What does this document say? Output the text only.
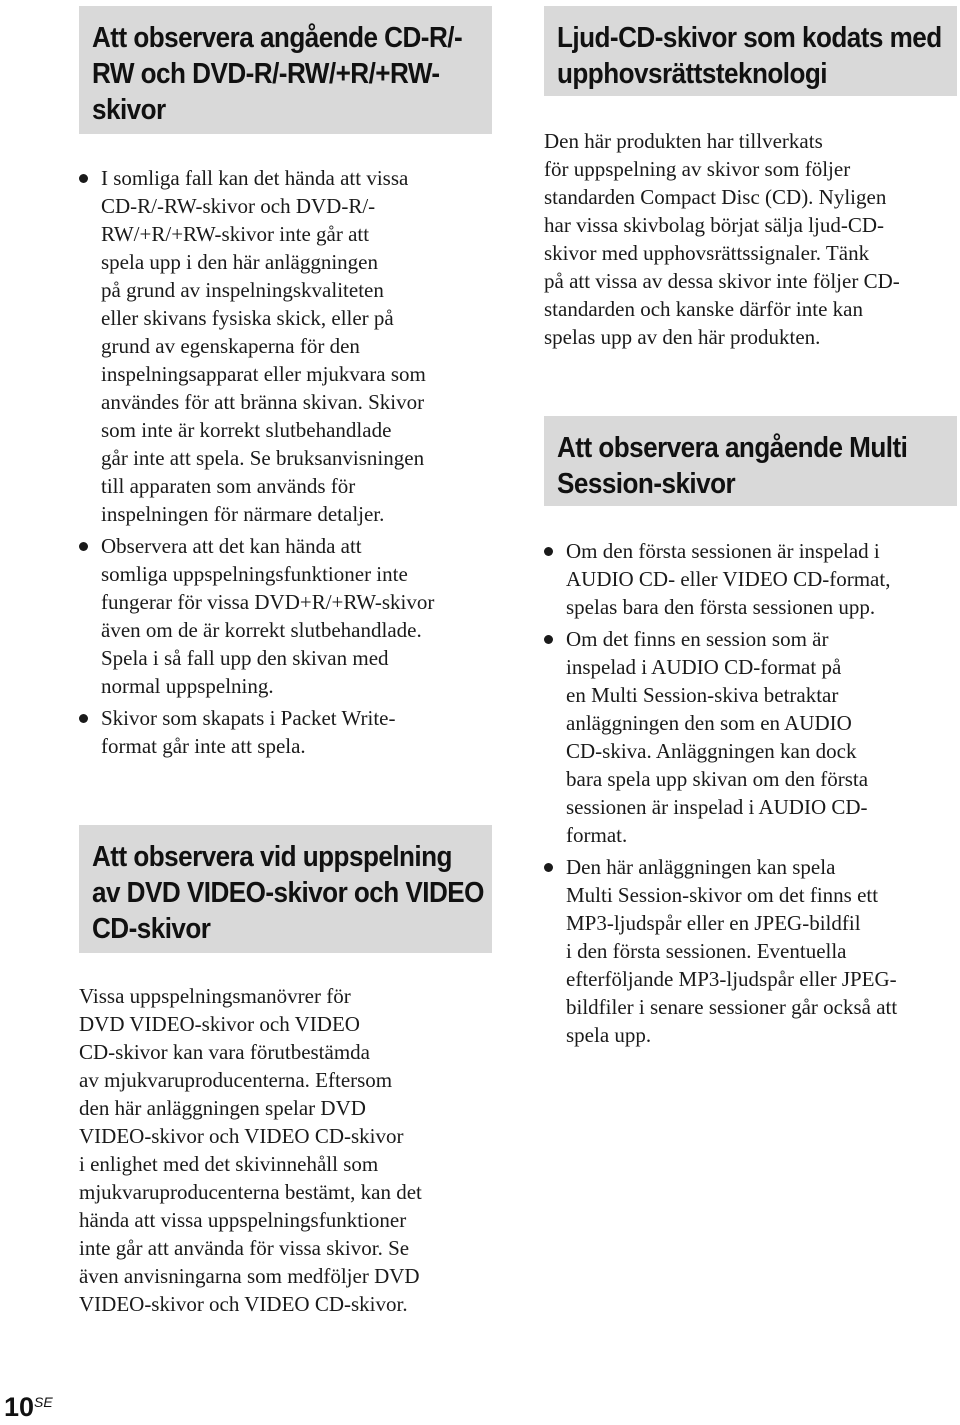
Att observera angående CD-R/-
RW och DVD-R/-RW/+R/+RW-
skivor
I somliga fall kan det hända att vissa
CD-R/-RW-skivor och DVD-R/-
RW/+R/+RW-skivor inte går att
spela upp i den här anläggningen
på grund av inspelningskvaliteten
eller skivans fysiska skick, eller på
grund av egenskaperna för den
inspelningsapparat eller mjukvara som
användes för att bränna skivan. Skivor
som inte är korrekt slutbehandlade
går inte att spela. Se bruksanvisningen
till apparaten som används för
inspelningen för närmare detaljer.
Observera att det kan hända att
somliga uppspelningsfunktioner inte
fungerar för vissa DVD+R/+RW-skivor
även om de är korrekt slutbehandlade.
Spela i så fall upp den skivan med
normal uppspelning.
Skivor som skapats i Packet Write-
format går inte att spela.
Att observera vid uppspelning
av DVD VIDEO-skivor och VIDEO
CD-skivor
Vissa uppspelningsmanövrer för
DVD VIDEO-skivor och VIDEO
CD-skivor kan vara förutbestämda
av mjukvaruproducenterna. Eftersom
den här anläggningen spelar DVD
VIDEO-skivor och VIDEO CD-skivor
i enlighet med det skivinnehåll som
mjukvaruproducenterna bestämt, kan det
hända att vissa uppspelningsfunktioner
inte går att använda för vissa skivor. Se
även anvisningarna som medföljer DVD
VIDEO-skivor och VIDEO CD-skivor.
Ljud-CD-skivor som kodats med
upphovsrättsteknologi
Den här produkten har tillverkats
för uppspelning av skivor som följer
standarden Compact Disc (CD). Nyligen
har vissa skivbolag börjat sälja ljud-CD-
skivor med upphovsrättssignaler. Tänk
på att vissa av dessa skivor inte följer CD-
standarden och kanske därför inte kan
spelas upp av den här produkten.
Att observera angående Multi
Session-skivor
Om den första sessionen är inspelad i
AUDIO CD- eller VIDEO CD-format,
spelas bara den första sessionen upp.
Om det finns en session som är
inspelad i AUDIO CD-format på
en Multi Session-skiva betraktar
anläggningen den som en AUDIO
CD-skiva. Anläggningen kan dock
bara spela upp skivan om den första
sessionen är inspelad i AUDIO CD-
format.
Den här anläggningen kan spela
Multi Session-skivor om det finns ett
MP3-ljudspår eller en JPEG-bildfil
i den första sessionen. Eventuella
efterföljande MP3-ljudspår eller JPEG-
bildfiler i senare sessioner går också att
spela upp.
$10^{SE}$
